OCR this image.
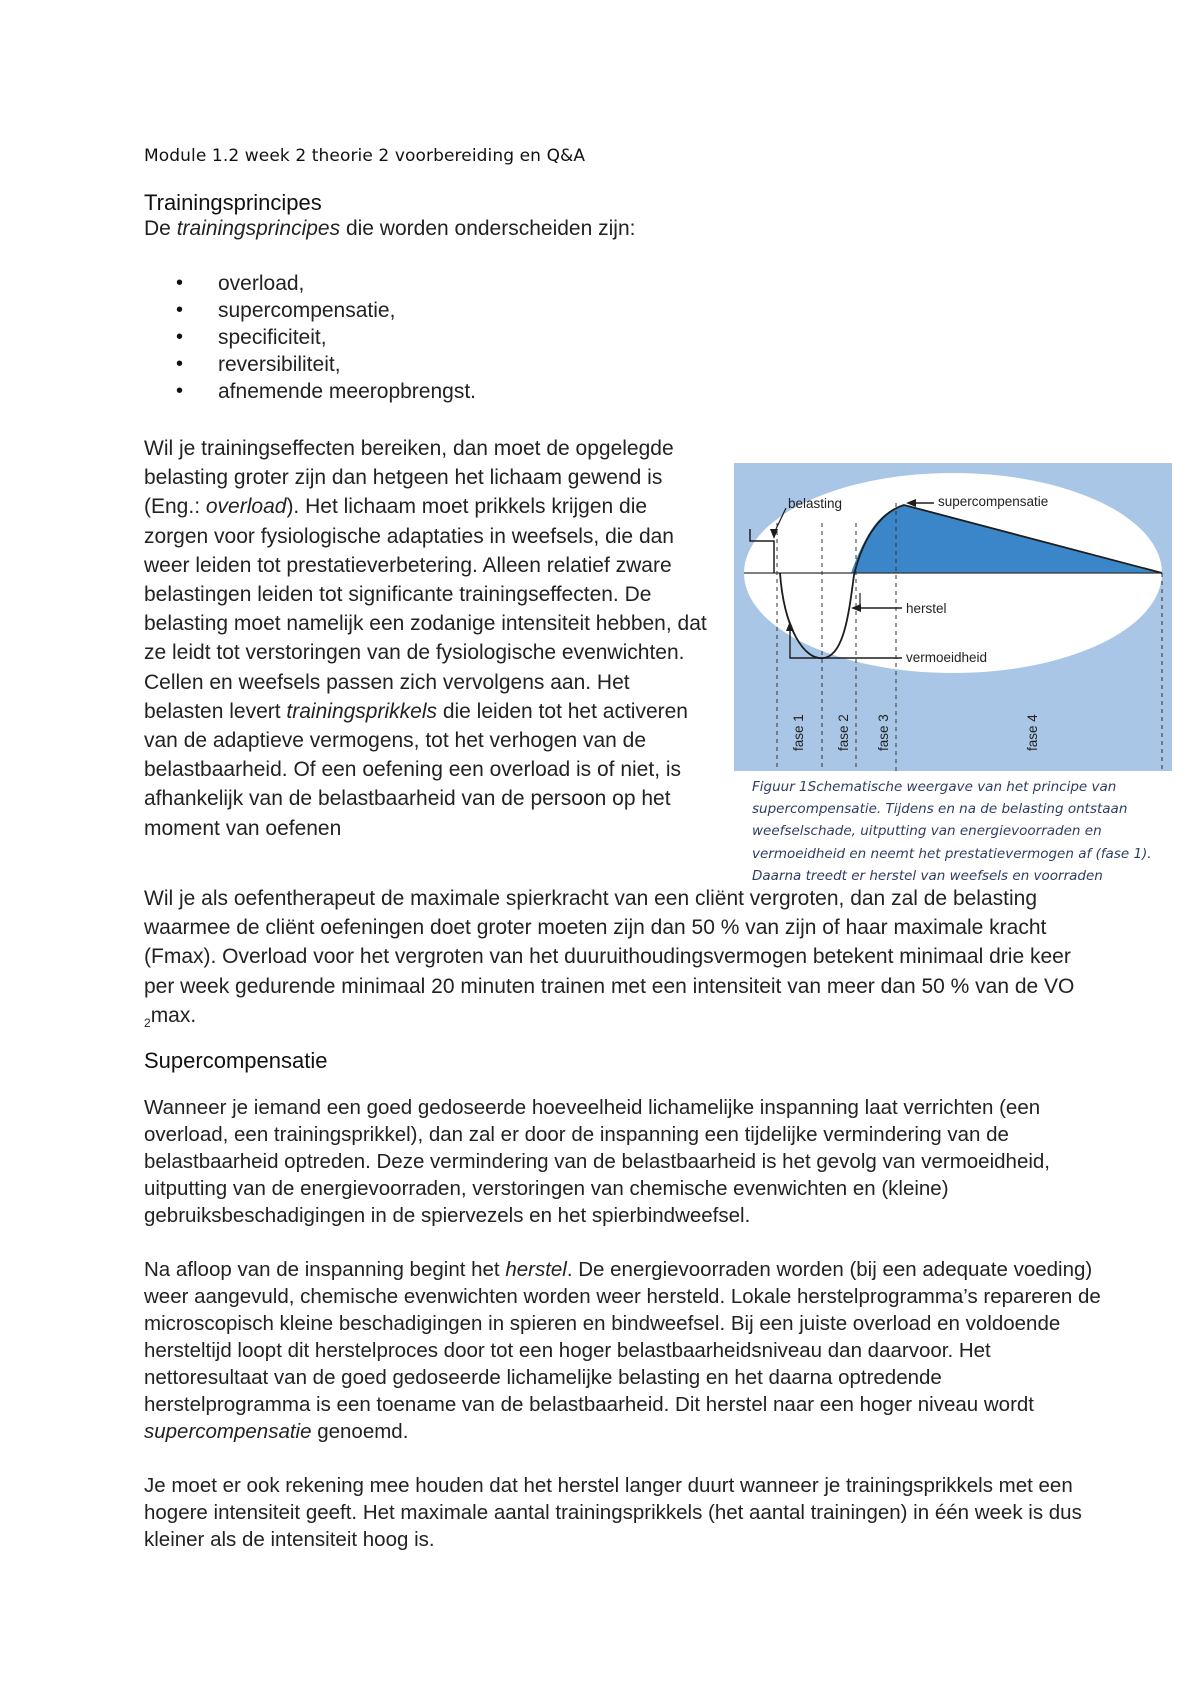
Module 1.2 week 2 theorie 2 voorbereiding en Q&A
Trainingsprincipes
De trainingsprincipes die worden onderscheiden zijn:
• overload,
• supercompensatie,
• specificiteit,
• reversibiliteit,
• afnemende meeropbrengst.
Wil je trainingseffecten bereiken, dan moet de opgelegde belasting groter zijn dan hetgeen het lichaam gewend is (Eng.: overload). Het lichaam moet prikkels krijgen die zorgen voor fysiologische adaptaties in weefsels, die dan weer leiden tot prestatieverbetering. Alleen relatief zware belastingen leiden tot significante trainingseffecten. De belasting moet namelijk een zodanige intensiteit hebben, dat ze leidt tot verstoringen van de fysiologische evenwichten. Cellen en weefsels passen zich vervolgens aan. Het belasten levert trainingsprikkels die leiden tot het activeren van de adaptieve vermogens, tot het verhogen van de belastbaarheid. Of een oefening een overload is of niet, is afhankelijk van de belastbaarheid van de persoon op het moment van oefenen
belasting	supercompensatie
herstel
vermoeidheid
fase 1 fase 2 fase 3	fase 4
Figuur 1Schematische weergave van het principe van supercompensatie. Tijdens en na de belasting ontstaan weefselschade, uitputting van energievoorraden en vermoeidheid en neemt het prestatievermogen af (fase 1). Daarna treedt er herstel van weefsels en voorraden
Wil je als oefentherapeut de maximale spierkracht van een cliënt vergroten, dan zal de belasting waarmee de cliënt oefeningen doet groter moeten zijn dan 50 % van zijn of haar maximale kracht (Fmax). Overload voor het vergroten van het duuruithoudingsvermogen betekent minimaal drie keer per week gedurende minimaal 20 minuten trainen met een intensiteit van meer dan 50 % van de VO $_2$max.
Supercompensatie
Wanneer je iemand een goed gedoseerde hoeveelheid lichamelijke inspanning laat verrichten (een overload, een trainingsprikkel), dan zal er door de inspanning een tijdelijke vermindering van de belastbaarheid optreden. Deze vermindering van de belastbaarheid is het gevolg van vermoeidheid, uitputting van de energievoorraden, verstoringen van chemische evenwichten en (kleine) gebruiksbeschadigingen in de spiervezels en het spierbindweefsel.
Na afloop van de inspanning begint het herstel. De energievoorraden worden (bij een adequate voeding) weer aangevuld, chemische evenwichten worden weer hersteld. Lokale herstelprogramma’s repareren de microscopisch kleine beschadigingen in spieren en bindweefsel. Bij een juiste overload en voldoende hersteltijd loopt dit herstelproces door tot een hoger belastbaarheidsniveau dan daarvoor. Het nettoresultaat van de goed gedoseerde lichamelijke belasting en het daarna optredende herstelprogramma is een toename van de belastbaarheid. Dit herstel naar een hoger niveau wordt supercompensatie genoemd.
Je moet er ook rekening mee houden dat het herstel langer duurt wanneer je trainingsprikkels met een hogere intensiteit geeft. Het maximale aantal trainingsprikkels (het aantal trainingen) in één week is dus kleiner als de intensiteit hoog is.
